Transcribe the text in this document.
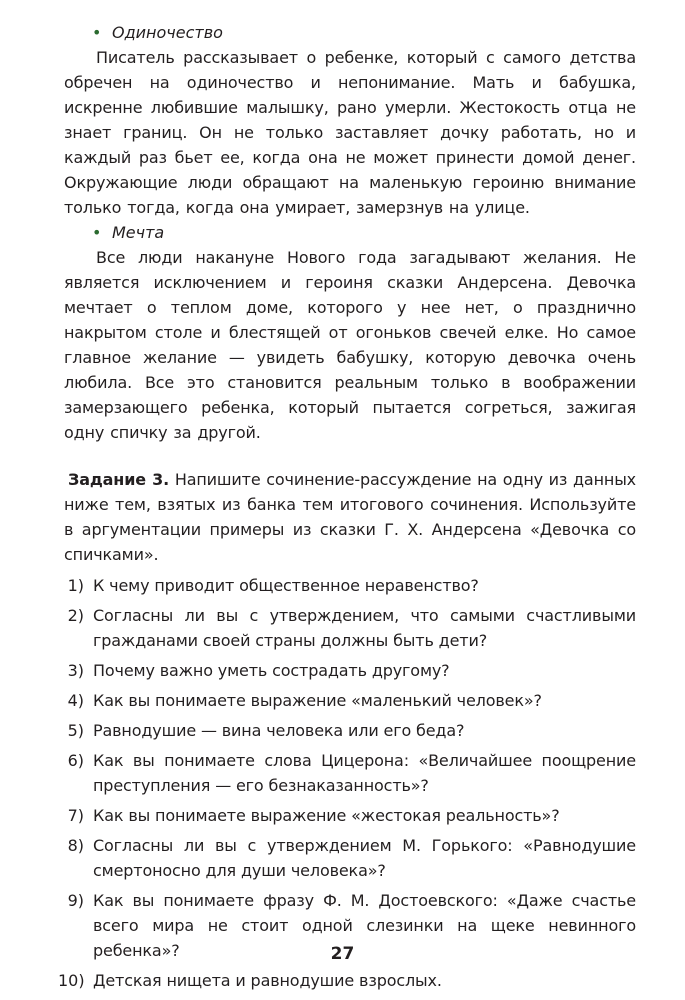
• Одиночество

Писатель рассказывает о ребенке, который с самого детства обречен на одиночество и непонимание. Мать и бабушка, искренне любившие малышку, рано умерли. Жестокость отца не знает границ. Он не только заставляет дочку работать, но и каждый раз бьет ее, когда она не может принести домой денег. Окружающие люди обращают на маленькую героиню внимание только тогда, когда она умирает, замерзнув на улице.

• Мечта

Все люди накануне Нового года загадывают желания. Не является исключением и героиня сказки Андерсена. Девочка мечтает о теплом доме, которого у нее нет, о празднично накрытом столе и блестящей от огоньков свечей елке. Но самое главное желание — увидеть бабушку, которую девочка очень любила. Все это становится реальным только в воображении замерзающего ребенка, который пытается согреться, зажигая одну спичку за другой.

Задание 3. Напишите сочинение-рассуждение на одну из данных ниже тем, взятых из банка тем итогового сочинения. Используйте в аргументации примеры из сказки Г. Х. Андерсена «Девочка со спичками».

1) К чему приводит общественное неравенство?
2) Согласны ли вы с утверждением, что самыми счастливыми гражданами своей страны должны быть дети?
3) Почему важно уметь сострадать другому?
4) Как вы понимаете выражение «маленький человек»?
5) Равнодушие — вина человека или его беда?
6) Как вы понимаете слова Цицерона: «Величайшее поощрение преступления — его безнаказанность»?
7) Как вы понимаете выражение «жестокая реальность»?
8) Согласны ли вы с утверждением М. Горького: «Равнодушие смертоносно для души человека»?
9) Как вы понимаете фразу Ф. М. Достоевского: «Даже счастье всего мира не стоит одной слезинки на щеке невинного ребенка»?
10) Детская нищета и равнодушие взрослых.
27
